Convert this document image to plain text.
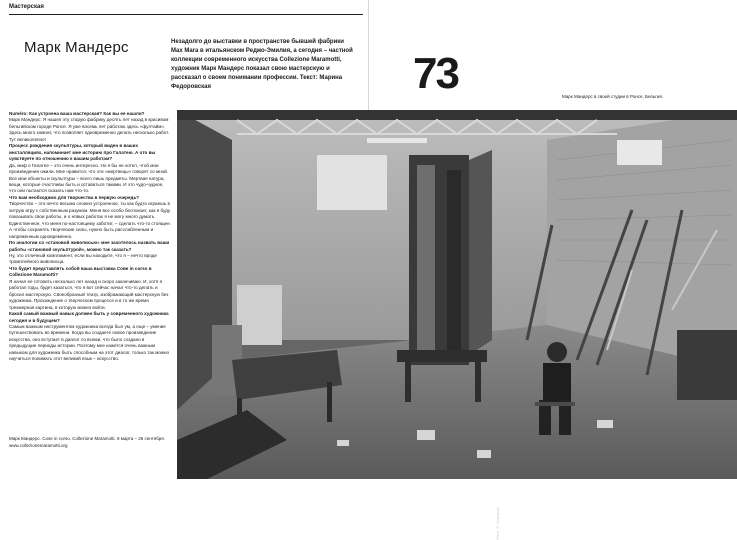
Мастерская
Марк Мандерс	Незадолго до выставки в пространстве бывшей фабрики Max Mara в итальянском Реджо-Эмилия, а сегодня – частной коллекции современного искусства Collezione Maramotti, художник Марк Мандерс показал свою мастерскую и рассказал о своем понимании профессии. Текст: Марина Федоровская

Numéro: Как устроена ваша мастерская? Как вы ее нашли?

Марк Мандерс: Я нашел эту старую фабрику десять лет назад в красивом бельгийском городе Ронсе. Я уже восемь лет работаю здесь «фултайм». Здесь много комнат, что позволяет одновременно делать несколько работ. Тут великолепно!

Процесс рождения скульптуры, который виден в ваших инсталляциях, напоминает мне историю про Галатею. А что вы чувствуете по отношению к вашим работам?

Да, миф о Галатее – это очень интересно. Но я бы не хотел, чтоб мои произведения ожили. Мне нравится, что эти «мертвецы» говорят со мной. Все мои объекты и скульптуры – всего лишь предметы. Мертвая натура, вещи, которые счастливы быть и оставаться такими. И это чудо-чудное, что они пытаются сказать нам что-то.

Что вам необходимо для творчества в первую очередь?

Творчество – это нечто весьма сложно устроенное, ты как будто играешь в хитрую игру с собственным разумом. Меня все особо беспокоит, как я буду показывать свои работы, и о новых работах я не могу много думать. Единственное, что меня по-настоящему заботит, – сделать что-то стоящее. А чтобы сохранять творческие силы, нужно быть расслабленным и напряженным одновременно.

По аналогии со «становой живописью» мне захотелось назвать ваши работы «становой скульптурой», можно так сказать?

Ну, это отличный комплимент, если вы находите, что я – нечто вроде тромплейного живописца.

Что будет представлять собой ваша выставка Сове in corso в Collezione Maramotti?

Я начал ее готовить несколько лет назад и скоро заканчиваю. И, хотя я работал годы, будет казаться, что я вот сейчас начал что-то делать и бросил мастерскую. Своеобразный театр, изображающий мастерскую без художника. Прохождение о творческом процессе и в то же время трехмерная картина, в которую можно войти.

Какой самый важный навык должен быть у современного художника сегодня и в будущем?

Самым важным инструментом художника всегда был ум, а еще – умение путешествовать во времени. Когда вы создаете новое произведение искусства, оно вступает в диалог со всеми, что было создано в предыдущие периоды истории. Поэтому мне кажется очень важным навыком для художника быть способным на этот диалог, только так можно научиться понимать этот великий язык – искусство.

Марк Мандерс. Cose in corso. Collezione Maramotti. 9 марта – 26 сентября. www.collezionemaramotti.org
73	Марк Мандерс в своей студии в Ронсе, Бельгия.
Фото: © Сафаров
